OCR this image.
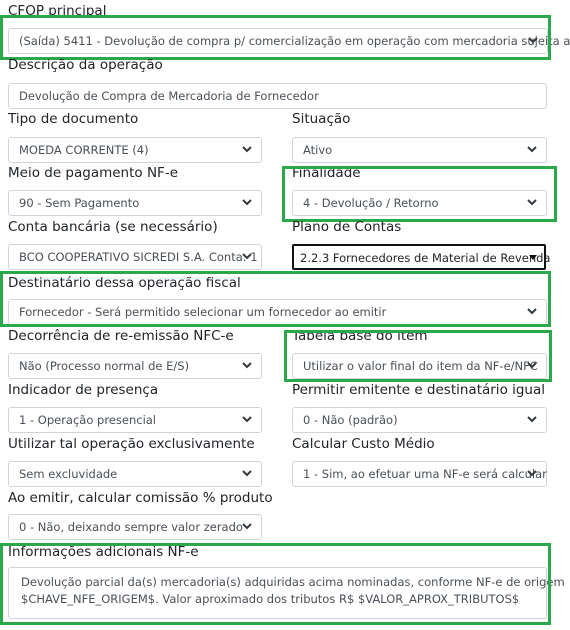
CFOP principal
(Saída) 5411 - Devolução de compra p/ comercialização em operação com mercadoria sujeita a
Descrição da operação
Devolução de Compra de Mercadoria de Fornecedor
Tipo de documento
MOEDA CORRENTE (4)
Situação
Ativo
Meio de pagamento NF-e
90 - Sem Pagamento
Finalidade
4 - Devolução / Retorno
Conta bancária (se necessário)
BCO COOPERATIVO SICREDI S.A. Conta: 1
Plano de Contas
2.2.3 Fornecedores de Material de Revenda
Destinatário dessa operação fiscal
Fornecedor - Será permitido selecionar um fornecedor ao emitir
Decorrência de re-emissão NFC-e
Não (Processo normal de E/S)
Tabela base do item
Utilizar o valor final do item da NF-e/NFC
Indicador de presença
1 - Operação presencial
Permitir emitente e destinatário igual
0 - Não (padrão)
Utilizar tal operação exclusivamente
Sem excluvidade
Calcular Custo Médio
1 - Sim, ao efetuar uma NF-e será calcular
Ao emitir, calcular comissão % produto
0 - Não, deixando sempre valor zerado
Informações adicionais NF-e
Devolução parcial da(s) mercadoria(s) adquiridas acima nominadas, conforme NF-e de origem
$CHAVE_NFE_ORIGEM$. Valor aproximado dos tributos R$ $VALOR_APROX_TRIBUTOS$
